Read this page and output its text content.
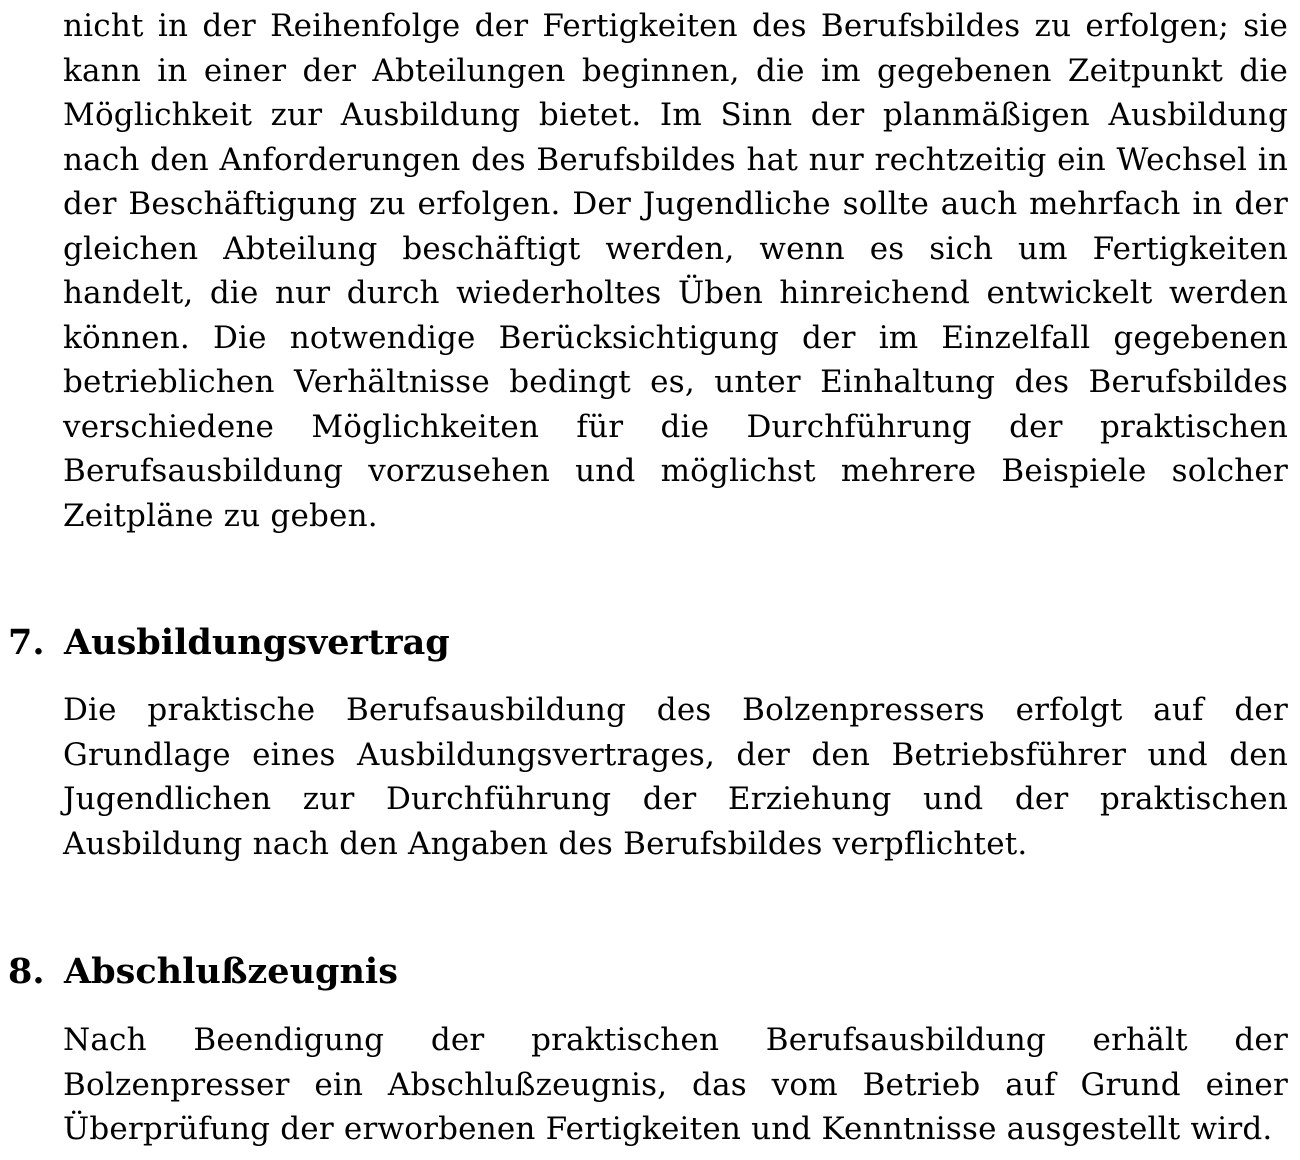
nicht in der Reihenfolge der Fertigkeiten des Berufsbildes zu erfolgen; sie kann in einer der Abteilungen beginnen, die im gegebenen Zeitpunkt die Möglichkeit zur Ausbildung bietet. Im Sinn der planmäßigen Ausbildung nach den Anforderungen des Berufsbildes hat nur rechtzeitig ein Wechsel in der Beschäftigung zu erfolgen. Der Jugendliche sollte auch mehrfach in der gleichen Abteilung beschäftigt werden, wenn es sich um Fertigkeiten handelt, die nur durch wiederholtes Üben hinreichend entwickelt werden können. Die notwendige Berücksichtigung der im Einzelfall gegebenen betrieblichen Verhältnisse bedingt es, unter Einhaltung des Berufsbildes verschiedene Möglichkeiten für die Durchführung der praktischen Berufsausbildung vorzusehen und möglichst mehrere Beispiele solcher Zeitpläne zu geben.

7. Ausbildungsvertrag

Die praktische Berufsausbildung des Bolzenpressers erfolgt auf der Grundlage eines Ausbildungsvertrages, der den Betriebsführer und den Jugendlichen zur Durchführung der Erziehung und der praktischen Ausbildung nach den Angaben des Berufsbildes verpflichtet.

8. Abschlußzeugnis

Nach Beendigung der praktischen Berufsausbildung erhält der Bolzenpresser ein Abschlußzeugnis, das vom Betrieb auf Grund einer Überprüfung der erworbenen Fertigkeiten und Kenntnisse ausgestellt wird.
